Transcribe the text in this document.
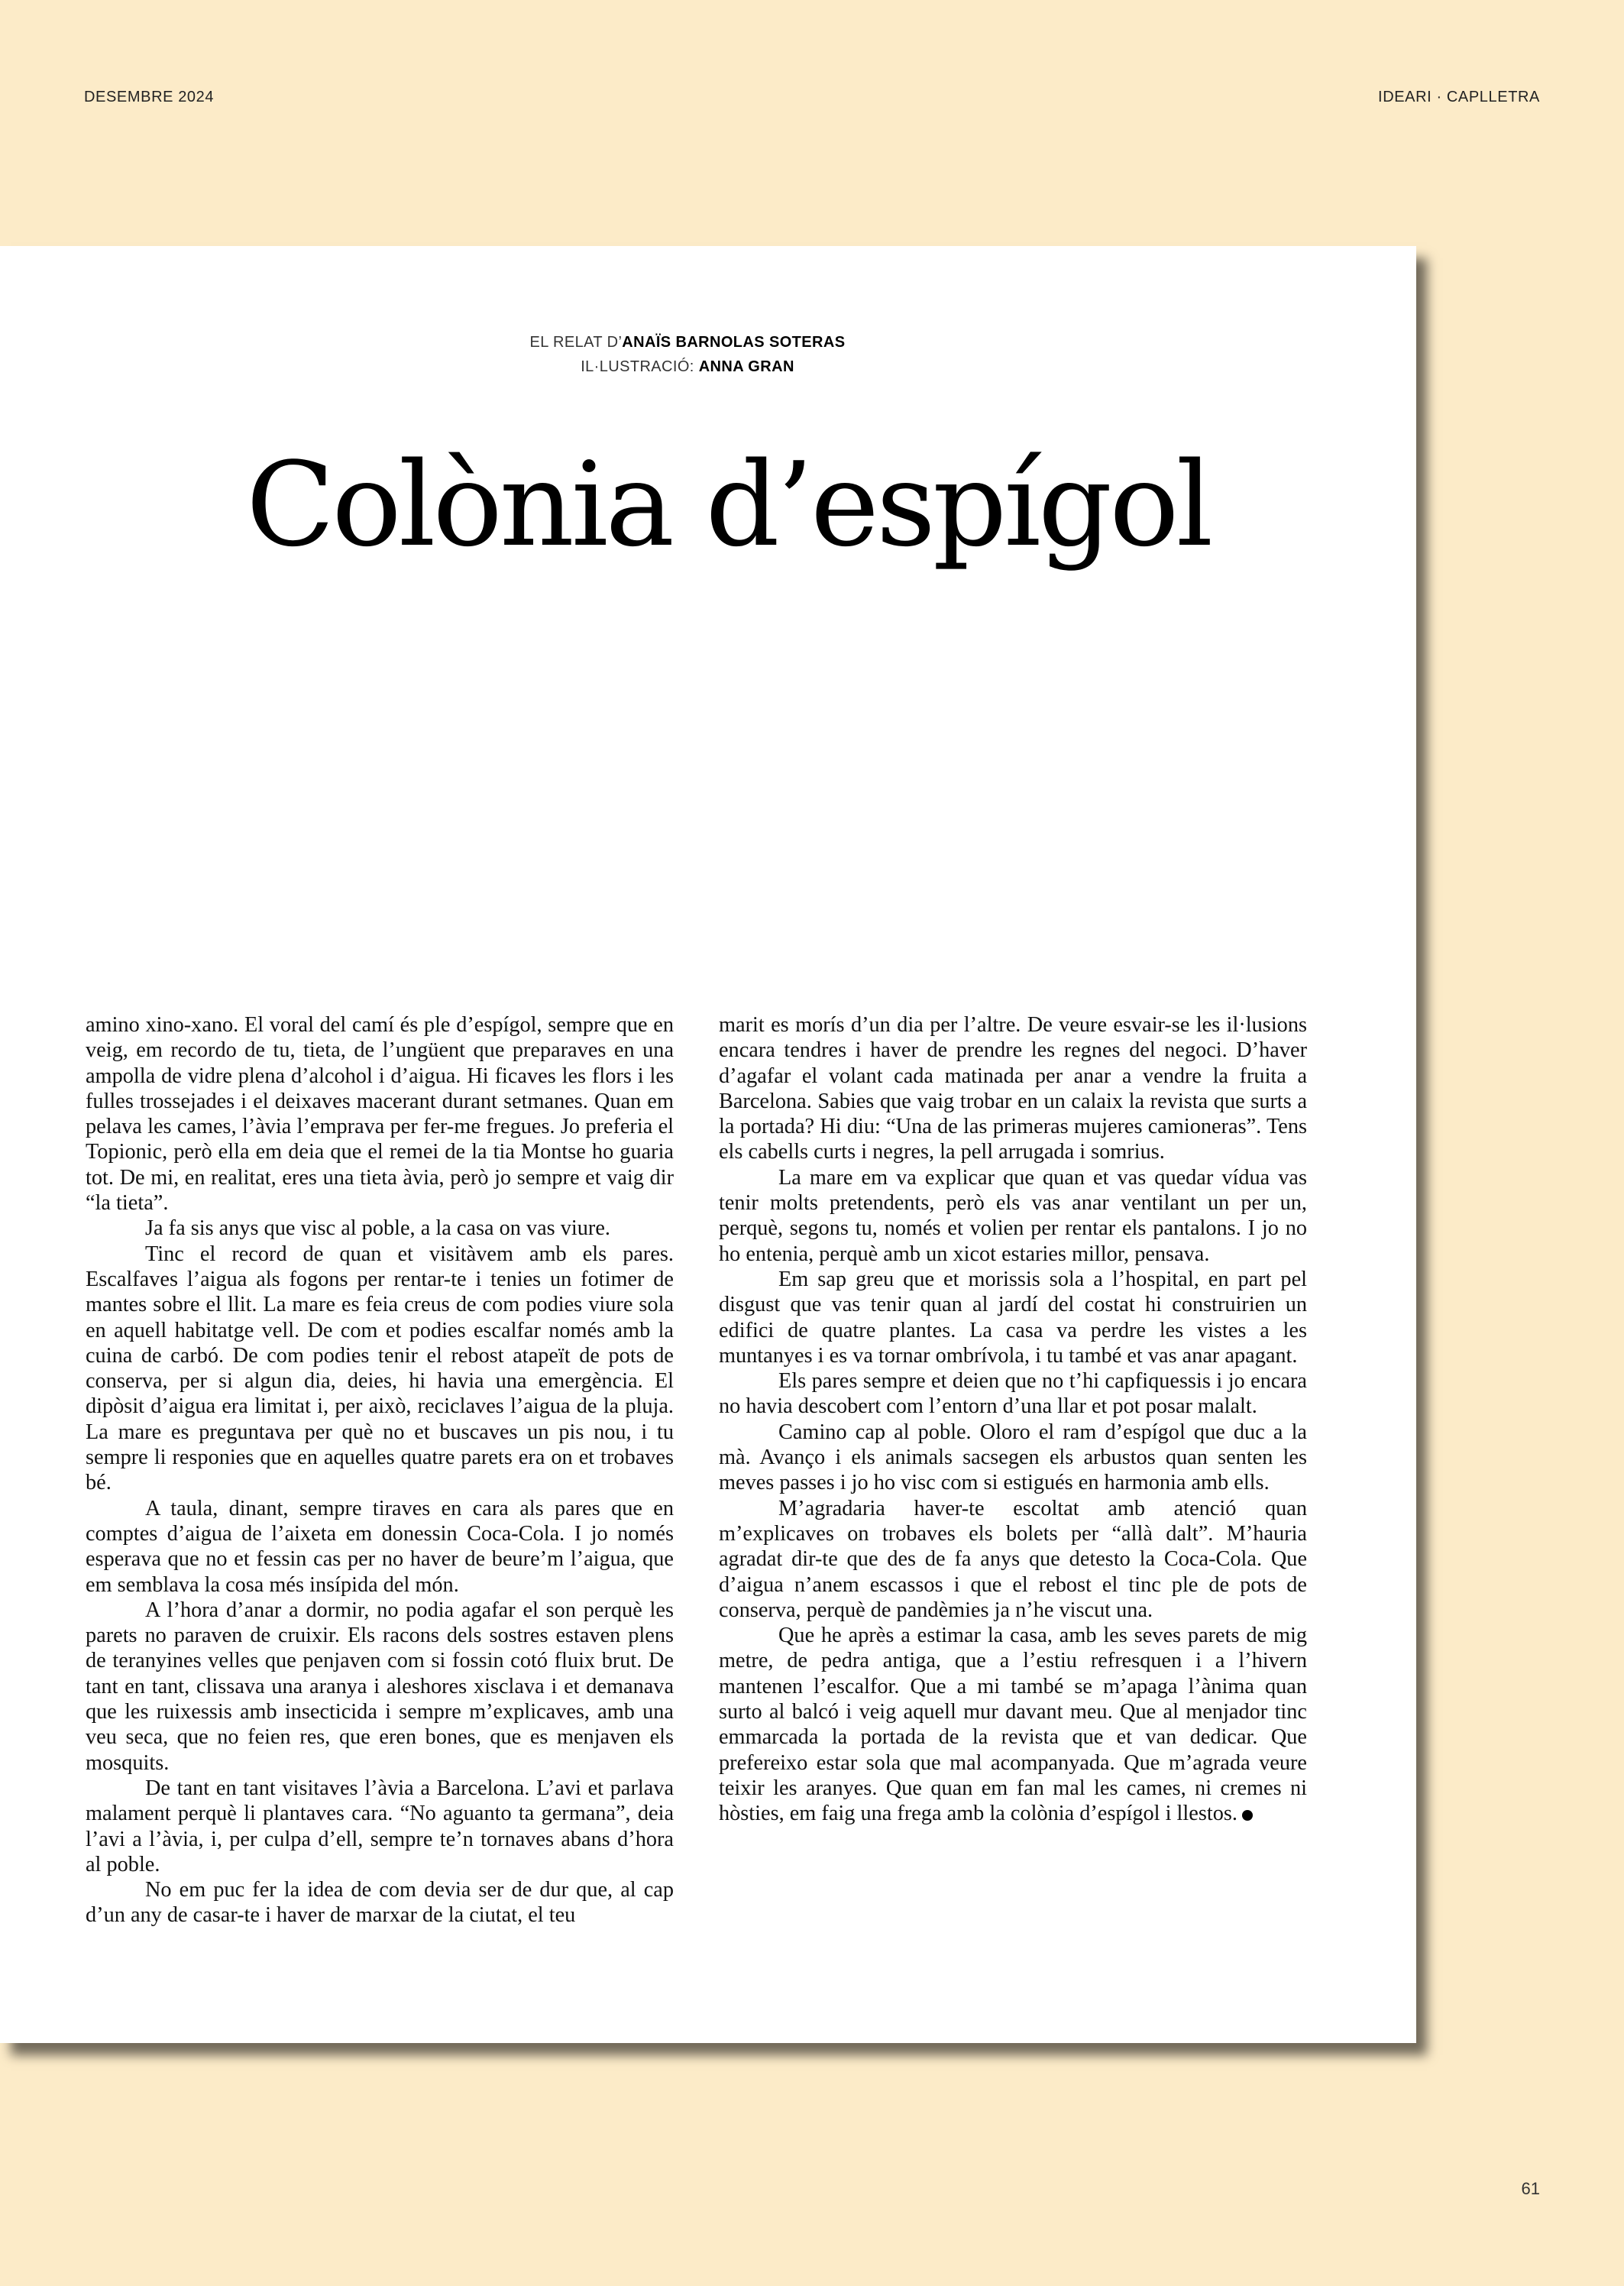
DESEMBRE 2024	IDEARI · CAPLLETRA
EL RELAT D’ANAÏS BARNOLAS SOTERAS
IL·LUSTRACIÓ: ANNA GRAN
Colònia d’espígol

amino xino-xano. El voral del camí és ple d’espígol, sempre que en veig, em recordo de tu, tieta, de l’ungüent que preparaves en una ampolla de vidre plena d’alcohol i d’aigua. Hi ficaves les flors i les fulles trossejades i el deixaves macerant durant setmanes. Quan em pelava les cames, l’àvia l’emprava per fer-me fregues. Jo preferia el Topionic, però ella em deia que el remei de la tia Montse ho guaria tot. De mi, en realitat, eres una tieta àvia, però jo sempre et vaig dir “la tieta”.

Ja fa sis anys que visc al poble, a la casa on vas viure.

Tinc el record de quan et visitàvem amb els pares. Escalfaves l’aigua als fogons per rentar-te i tenies un fotimer de mantes sobre el llit. La mare es feia creus de com podies viure sola en aquell habitatge vell. De com et podies escalfar només amb la cuina de carbó. De com podies tenir el rebost atapeït de pots de conserva, per si algun dia, deies, hi havia una emergència. El dipòsit d’aigua era limitat i, per això, reciclaves l’aigua de la pluja. La mare es preguntava per què no et buscaves un pis nou, i tu sempre li responies que en aquelles quatre parets era on et trobaves bé.

A taula, dinant, sempre tiraves en cara als pares que en comptes d’aigua de l’aixeta em donessin Coca-Cola. I jo només esperava que no et fessin cas per no haver de beure’m l’aigua, que em semblava la cosa més insípida del món.

A l’hora d’anar a dormir, no podia agafar el son perquè les parets no paraven de cruixir. Els racons dels sostres estaven plens de teranyines velles que penjaven com si fossin cotó fluix brut. De tant en tant, clissava una aranya i aleshores xisclava i et demanava que les ruixessis amb insecticida i sempre m’explicaves, amb una veu seca, que no feien res, que eren bones, que es menjaven els mosquits.

De tant en tant visitaves l’àvia a Barcelona. L’avi et parlava malament perquè li plantaves cara. “No aguanto ta germana”, deia l’avi a l’àvia, i, per culpa d’ell, sempre te’n tornaves abans d’hora al poble.

No em puc fer la idea de com devia ser de dur que, al cap d’un any de casar-te i haver de marxar de la ciutat, el teu

marit es morís d’un dia per l’altre. De veure esvair-se les il·lusions encara tendres i haver de prendre les regnes del negoci. D’haver d’agafar el volant cada matinada per anar a vendre la fruita a Barcelona. Sabies que vaig trobar en un calaix la revista que surts a la portada? Hi diu: “Una de las primeras mujeres camioneras”. Tens els cabells curts i negres, la pell arrugada i somrius.

La mare em va explicar que quan et vas quedar vídua vas tenir molts pretendents, però els vas anar ventilant un per un, perquè, segons tu, només et volien per rentar els pantalons. I jo no ho entenia, perquè amb un xicot estaries millor, pensava.

Em sap greu que et morissis sola a l’hospital, en part pel disgust que vas tenir quan al jardí del costat hi construirien un edifici de quatre plantes. La casa va perdre les vistes a les muntanyes i es va tornar ombrívola, i tu també et vas anar apagant.

Els pares sempre et deien que no t’hi capfiquessis i jo encara no havia descobert com l’entorn d’una llar et pot posar malalt.

Camino cap al poble. Oloro el ram d’espígol que duc a la mà. Avanço i els animals sacsegen els arbustos quan senten les meves passes i jo ho visc com si estigués en harmonia amb ells.

M’agradaria haver-te escoltat amb atenció quan m’explicaves on trobaves els bolets per “allà dalt”. M’hauria agradat dir-te que des de fa anys que detesto la Coca-Cola. Que d’aigua n’anem escassos i que el rebost el tinc ple de pots de conserva, perquè de pandèmies ja n’he viscut una.

Que he après a estimar la casa, amb les seves parets de mig metre, de pedra antiga, que a l’estiu refresquen i a l’hivern mantenen l’escalfor. Que a mi també se m’apaga l’ànima quan surto al balcó i veig aquell mur davant meu. Que al menjador tinc emmarcada la portada de la revista que et van dedicar. Que prefereixo estar sola que mal acompanyada. Que m’agrada veure teixir les aranyes. Que quan em fan mal les cames, ni cremes ni hòsties, em faig una frega amb la colònia d’espígol i llestos.

61
